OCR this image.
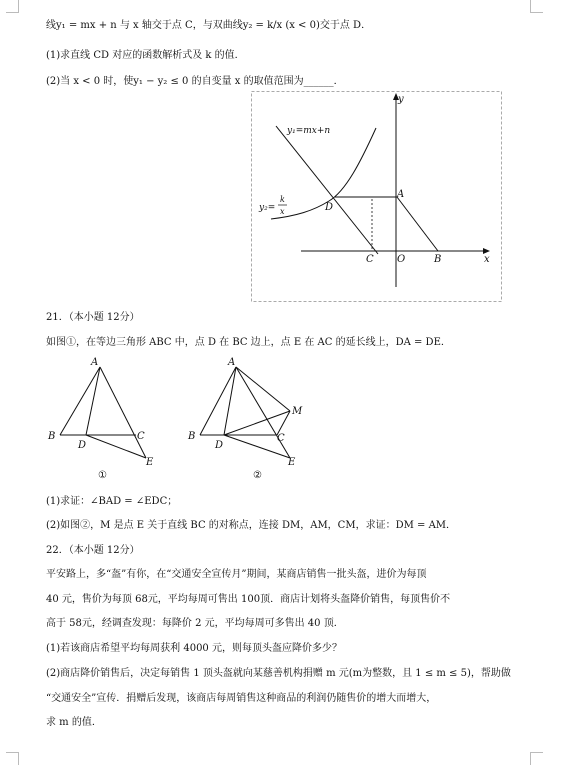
线y₁ = mx + n 与 x 轴交于点 C，与双曲线y₂ = k/x (x < 0)交于点 D．
(1)求直线 CD 对应的函数解析式及 k 的值．
(2)当 x < 0 时，使y₁ − y₂ ≤ 0 的自变量 x 的取值范围为______．
y
x
y₁=mx+n
y₂=
k
x
A
D
C O	B
21．（本小题 12分）
如图①，在等边三角形 ABC 中，点 D 在 BC 边上，点 E 在 AC 的延长线上，DA = DE．
A
B	C
D
E
①
A
B	C
D
E
M
②
(1)求证：∠BAD = ∠EDC；
(2)如图②，M 是点 E 关于直线 BC 的对称点，连接 DM，AM，CM，求证：DM = AM．
22．（本小题 12分）
平安路上，多“盔”有你，在“交通安全宣传月”期间，某商店销售一批头盔，进价为每顶
40 元，售价为每顶 68元，平均每周可售出 100顶．商店计划将头盔降价销售，每顶售价不
高于 58元，经调查发现：每降价 2 元，平均每周可多售出 40 顶．
(1)若该商店希望平均每周获利 4000 元，则每顶头盔应降价多少？
(2)商店降价销售后，决定每销售 1 顶头盔就向某慈善机构捐赠 m 元(m为整数，且 1 ≤ m ≤ 5)，帮助做
“交通安全”宣传．捐赠后发现，该商店每周销售这种商品的利润仍随售价的增大而增大，
求 m 的值．
